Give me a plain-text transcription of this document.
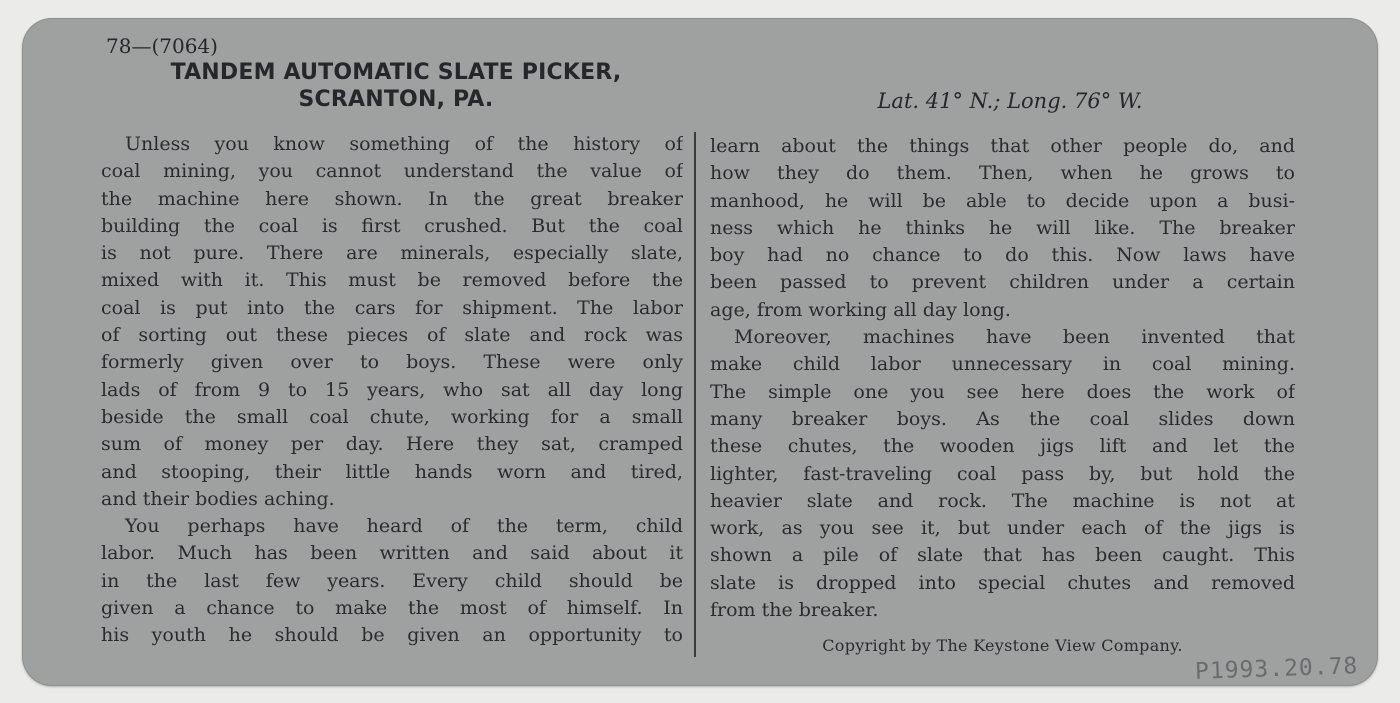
78—(7064)
TANDEM AUTOMATIC SLATE PICKER,
SCRANTON, PA.	Lat. 41° N.; Long. 76° W.
Unless you know something of the history of
coal mining, you cannot understand the value of
the machine here shown. In the great breaker
building the coal is first crushed. But the coal
is not pure. There are minerals, especially slate,
mixed with it. This must be removed before the
coal is put into the cars for shipment. The labor
of sorting out these pieces of slate and rock was
formerly given over to boys. These were only
lads of from 9 to 15 years, who sat all day long
beside the small coal chute, working for a small
sum of money per day. Here they sat, cramped
and stooping, their little hands worn and tired,
and their bodies aching.
You perhaps have heard of the term, child
labor. Much has been written and said about it
in the last few years. Every child should be
given a chance to make the most of himself. In
his youth he should be given an opportunity to
learn about the things that other people do, and
how they do them. Then, when he grows to
manhood, he will be able to decide upon a busi-
ness which he thinks he will like. The breaker
boy had no chance to do this. Now laws have
been passed to prevent children under a certain
age, from working all day long.
Moreover, machines have been invented that
make child labor unnecessary in coal mining.
The simple one you see here does the work of
many breaker boys. As the coal slides down
these chutes, the wooden jigs lift and let the
lighter, fast-traveling coal pass by, but hold the
heavier slate and rock. The machine is not at
work, as you see it, but under each of the jigs is
shown a pile of slate that has been caught. This
slate is dropped into special chutes and removed
from the breaker.
Copyright by The Keystone View Company.
P1993.20.78
